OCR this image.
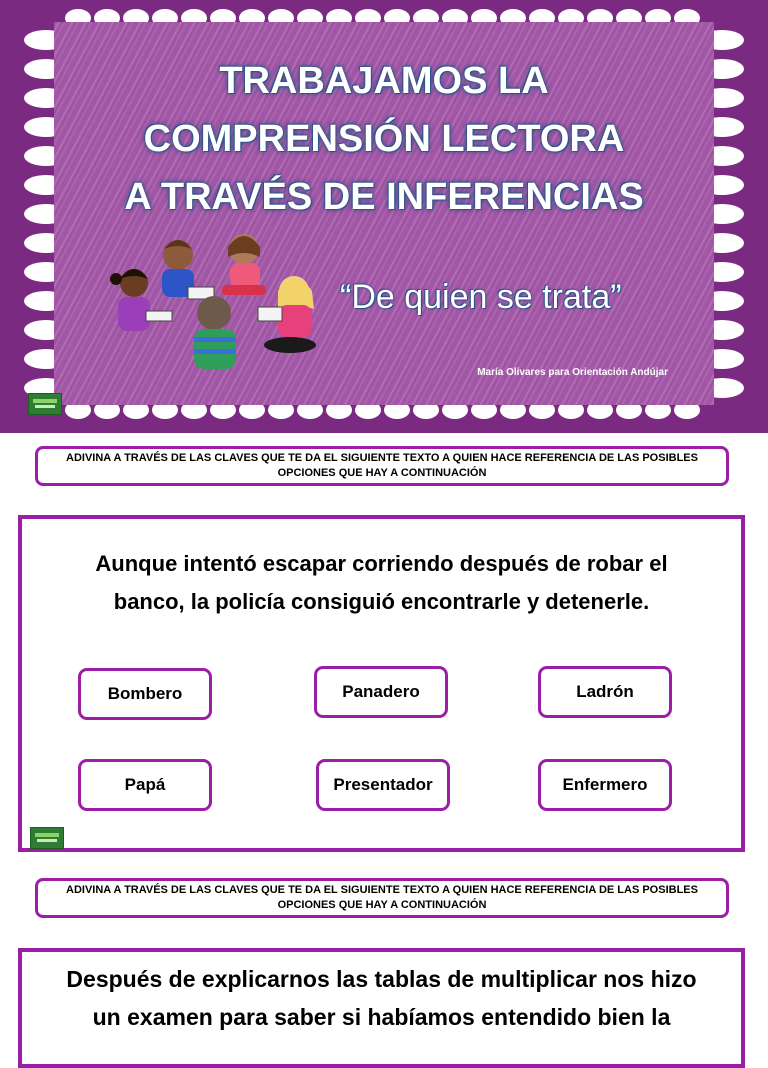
TRABAJAMOS LA
COMPRENSIÓN LECTORA
A TRAVÉS DE INFERENCIAS
“De quien se trata”
María Olivares para Orientación Andújar
ADIVINA A TRAVÉS DE LAS CLAVES QUE TE DA EL SIGUIENTE TEXTO A QUIEN HACE REFERENCIA DE LAS POSIBLES OPCIONES QUE HAY A CONTINUACIÓN

Aunque intentó escapar corriendo después de robar el
banco, la policía consiguió encontrarle y detenerle.

Bombero	Panadero	Ladrón
Papá	Presentador	Enfermero
ADIVINA A TRAVÉS DE LAS CLAVES QUE TE DA EL SIGUIENTE TEXTO A QUIEN HACE REFERENCIA DE LAS POSIBLES OPCIONES QUE HAY A CONTINUACIÓN

Después de explicarnos las tablas de multiplicar nos hizo
un examen para saber si habíamos entendido bien la
